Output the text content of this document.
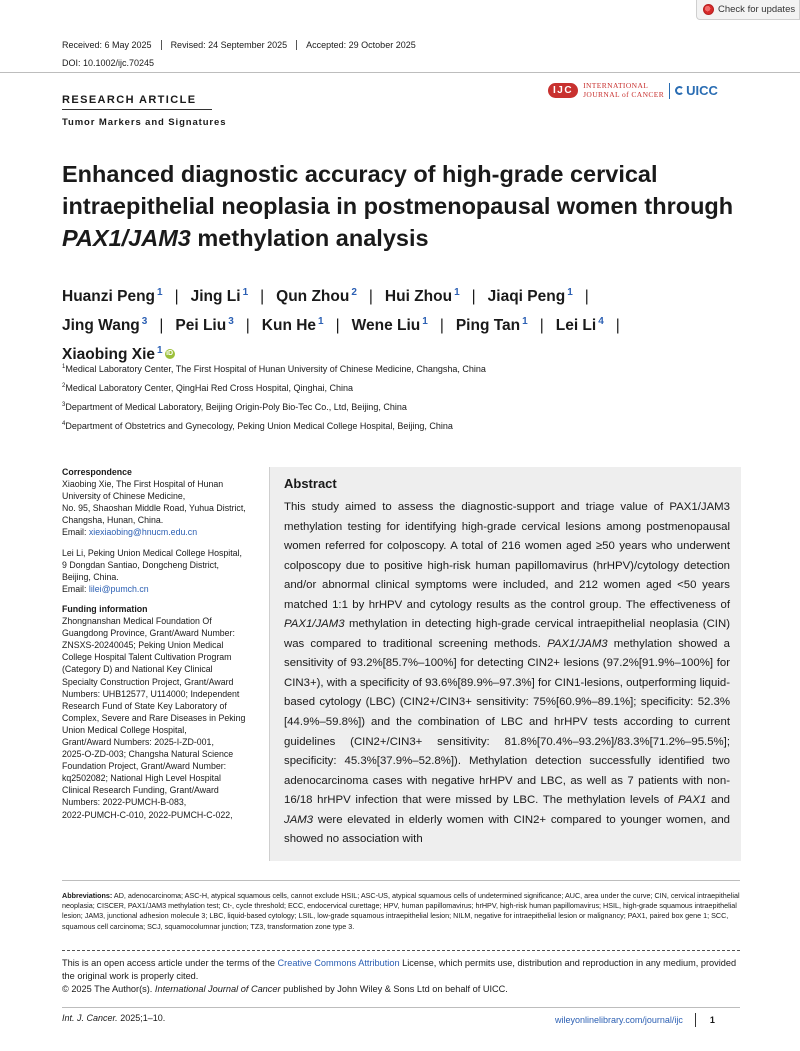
Check for updates
Received: 6 May 2025	Revised: 24 September 2025	Accepted: 29 October 2025
DOI: 10.1002/ijc.70245
RESEARCH ARTICLE
Tumor Markers and Signatures
IJC	INTERNATIONAL
JOURNAL of CANCER UICC
Enhanced diagnostic accuracy of high-grade cervical
intraepithelial neoplasia in postmenopausal women through
PAX1/JAM3 methylation analysis
Huanzi Peng $^1$ | Jing Li $^1$ | Qun Zhou $^2$ | Hui Zhou $^1$ | Jiaqi Peng $^1$ |
Jing Wang $^3$ | Pei Liu $^3$ | Kun He $^1$ | Wene Liu $^1$ | Ping Tan $^1$ | Lei Li $^4$ |
Xiaobing Xie $^1$ iD
$^1$Medical Laboratory Center, The First Hospital of Hunan University of Chinese Medicine, Changsha, China
$^2$Medical Laboratory Center, QingHai Red Cross Hospital, Qinghai, China
$^3$Department of Medical Laboratory, Beijing Origin-Poly Bio-Tec Co., Ltd, Beijing, China
$^4$Department of Obstetrics and Gynecology, Peking Union Medical College Hospital, Beijing, China

Correspondence

Xiaobing Xie, The First Hospital of Hunan

University of Chinese Medicine,

No. 95, Shaoshan Middle Road, Yuhua District,

Changsha, Hunan, China.

Email: xiexiaobing@hnucm.edu.cn

Lei Li, Peking Union Medical College Hospital,

9 Dongdan Santiao, Dongcheng District,

Beijing, China.

Email: lilei@pumch.cn

Funding information

Zhongnanshan Medical Foundation Of

Guangdong Province, Grant/Award Number:

ZNSXS-20240045; Peking Union Medical

College Hospital Talent Cultivation Program

(Category D) and National Key Clinical

Specialty Construction Project, Grant/Award

Numbers: UHB12577, U114000; Independent

Research Fund of State Key Laboratory of

Complex, Severe and Rare Diseases in Peking

Union Medical College Hospital,

Grant/Award Numbers: 2025-I-ZD-001,

2025-O-ZD-003; Changsha Natural Science

Foundation Project, Grant/Award Number:

kq2502082; National High Level Hospital

Clinical Research Funding, Grant/Award

Numbers: 2022-PUMCH-B-083,

2022-PUMCH-C-010, 2022-PUMCH-C-022,

Abstract
This study aimed to assess the diagnostic-support and triage value of PAX1/JAM3 methylation testing for identifying high-grade cervical lesions among postmenopausal women referred for colposcopy. A total of 216 women aged ≥50 years who underwent colposcopy due to positive high-risk human papillomavirus (hrHPV)/cytology detection and/or abnormal clinical symptoms were included, and 212 women aged <50 years matched 1:1 by hrHPV and cytology results as the control group. The effectiveness of PAX1/JAM3 methylation in detecting high-grade cervical intraepithelial neoplasia (CIN) was compared to traditional screening methods. PAX1/JAM3 methylation showed a sensitivity of 93.2%[85.7%–100%] for detecting CIN2+ lesions (97.2%[91.9%–100%] for CIN3+), with a specificity of 93.6%[89.9%–97.3%] for CIN1-lesions, outperforming liquid-based cytology (LBC) (CIN2+/CIN3+ sensitivity: 75%[60.9%–89.1%]; specificity: 52.3%[44.9%–59.8%]) and the combination of LBC and hrHPV tests according to current guidelines (CIN2+/CIN3+ sensitivity: 81.8%[70.4%–93.2%]/83.3%[71.2%–95.5%]; specificity: 45.3%[37.9%–52.8%]). Methylation detection successfully identified two adenocarcinoma cases with negative hrHPV and LBC, as well as 7 patients with non-16/18 hrHPV infection that were missed by LBC. The methylation levels of PAX1 and JAM3 were elevated in elderly women with CIN2+ compared to younger women, and showed no association with
Abbreviations: AD, adenocarcinoma; ASC-H, atypical squamous cells, cannot exclude HSIL; ASC-US, atypical squamous cells of undetermined significance; AUC, area under the curve; CIN, cervical intraepithelial neoplasia; CISCER, PAX1/JAM3 methylation test; Ct-, cycle threshold; ECC, endocervical curettage; HPV, human papillomavirus; hrHPV, high-risk human papillomavirus; HSIL, high-grade squamous intraepithelial lesion; JAM3, junctional adhesion molecule 3; LBC, liquid-based cytology; LSIL, low-grade squamous intraepithelial lesion; NILM, negative for intraepithelial lesion or malignancy; PAX1, paired box gene 1; SCC, squamous cell carcinoma; SCJ, squamocolumnar junction; TZ3, transformation zone type 3.
This is an open access article under the terms of the Creative Commons Attribution License, which permits use, distribution and reproduction in any medium, provided the original work is properly cited.
© 2025 The Author(s). International Journal of Cancer published by John Wiley & Sons Ltd on behalf of UICC.
Int. J. Cancer. 2025;1–10.	wileyonlinelibrary.com/journal/ijc	1
